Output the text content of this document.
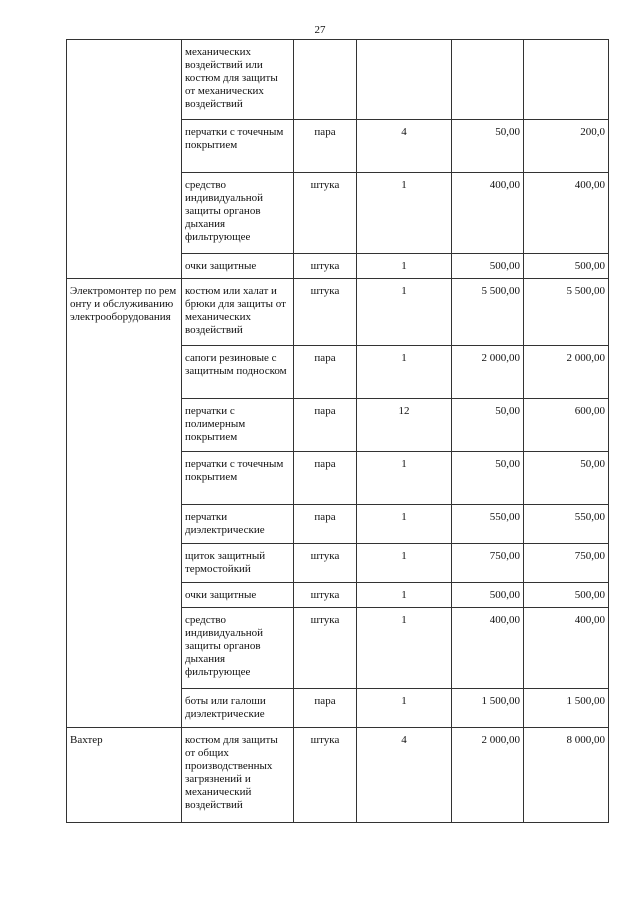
27
	механических воздействий или костюм для защиты от механических воздействий				
	перчатки с точечным покрытием	пара	4	50,00	200,0
	средство индивидуальной защиты органов дыхания фильтрующее	штука	1	400,00	400,00
	очки защитные	штука	1	500,00	500,00
Электромонтер по ремонту и обслуживанию электрооборудования	костюм или халат и брюки для защиты от механических воздействий	штука	1	5 500,00	5 500,00
	сапоги резиновые с защитным подноском	пара	1	2 000,00	2 000,00
	перчатки с полимерным покрытием	пара	12	50,00	600,00
	перчатки с точечным покрытием	пара	1	50,00	50,00
	перчатки диэлектрические	пара	1	550,00	550,00
	щиток защитный термостойкий	штука	1	750,00	750,00
	очки защитные	штука	1	500,00	500,00
	средство индивидуальной защиты органов дыхания фильтрующее	штука	1	400,00	400,00
	боты или галоши диэлектрические	пара	1	1 500,00	1 500,00
Вахтер	костюм для защиты от общих производственных загрязнений и механический воздействий	штука	4	2 000,00	8 000,00
